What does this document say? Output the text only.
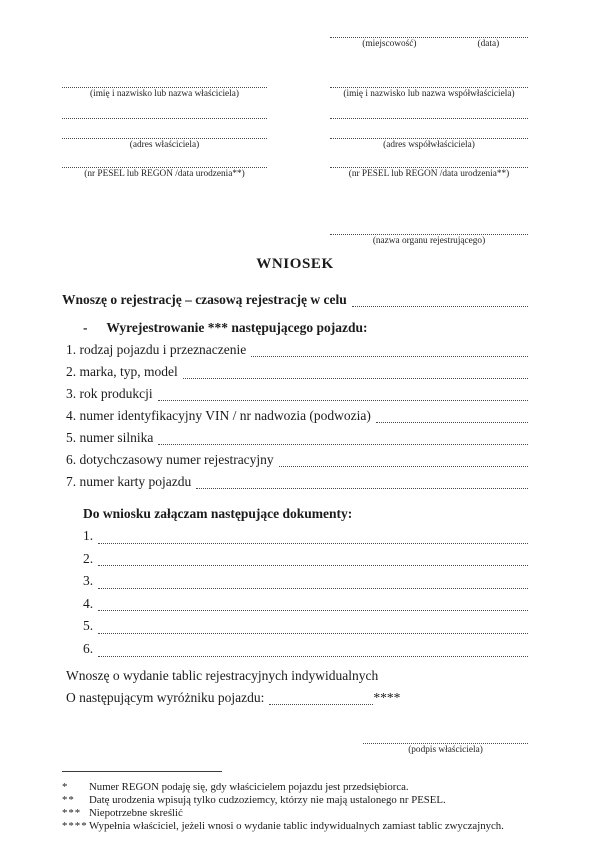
(miejscowość)	(data)
(imię i nazwisko lub nazwa właściciela)
(adres właściciela)
(nr PESEL lub REGON /data urodzenia**)
(imię i nazwisko lub nazwa współwłaściciela)
(adres współwłaściciela)
(nr PESEL lub REGON /data urodzenia**)
(nazwa organu rejestrującego)
WNIOSEK
Wnoszę o rejestrację – czasową rejestrację w celu
- Wyrejestrowanie *** następującego pojazdu:
1. rodzaj pojazdu i przeznaczenie
2. marka, typ, model
3. rok produkcji
4. numer identyfikacyjny VIN / nr nadwozia (podwozia)
5. numer silnika
6. dotychczasowy numer rejestracyjny
7. numer karty pojazdu
Do wniosku załączam następujące dokumenty:
1.
2.
3.
4.
5.
6.
Wnoszę o wydanie tablic rejestracyjnych indywidualnych
O następującym wyróżniku pojazdu:	****
(podpis właściciela)
*	Numer REGON podaję się, gdy właścicielem pojazdu jest przedsiębiorca.
**	Datę urodzenia wpisują tylko cudzoziemcy, którzy nie mają ustalonego nr PESEL.
*** Niepotrzebne skreślić
**** Wypełnia właściciel, jeżeli wnosi o wydanie tablic indywidualnych zamiast tablic zwyczajnych.
